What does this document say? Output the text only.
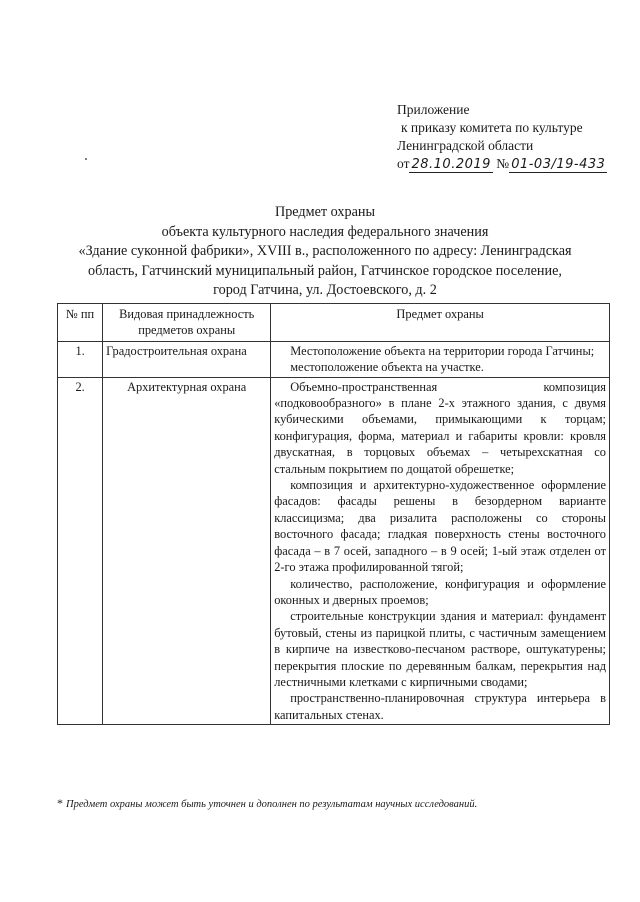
Приложение
к приказу комитета по культуре
Ленинградской области
от 28.10.2019 № 01-03/19-433
Предмет охраны
объекта культурного наследия федерального значения
«Здание суконной фабрики», XVIII в., расположенного по адресу: Ленинградская
область, Гатчинский муниципальный район, Гатчинское городское поселение,
город Гатчина, ул. Достоевского, д. 2
№ пп	Видовая принадлежность предметов охраны	Предмет охраны
1.	Градостроительная охрана	Местоположение объекта на территории города Гатчины;
местоположение объекта на участке.

2.	Архитектурная охрана	Объемно-пространственная композиция «подковообразного» в плане 2-х этажного здания, с двумя кубическими объемами, примыкающими к торцам; конфигурация, форма, материал и габариты кровли: кровля двускатная, в торцовых объемах – четырехскатная со стальным покрытием по дощатой обрешетке;
композиция и архитектурно-художественное оформление фасадов: фасады решены в безордерном варианте классицизма; два ризалита расположены со стороны восточного фасада; гладкая поверхность стены восточного фасада – в 7 осей, западного – в 9 осей; 1-ый этаж отделен от 2-го этажа профилированной тягой;
количество, расположение, конфигурация и оформление оконных и дверных проемов;
строительные конструкции здания и материал: фундамент бутовый, стены из парицкой плиты, с частичным замещением в кирпиче на известково-песчаном растворе, оштукатурены; перекрытия плоские по деревянным балкам, перекрытия над лестничными клетками с кирпичными сводами;
пространственно-планировочная структура интерьера в капитальных стенах.
* Предмет охраны может быть уточнен и дополнен по результатам научных исследований.
